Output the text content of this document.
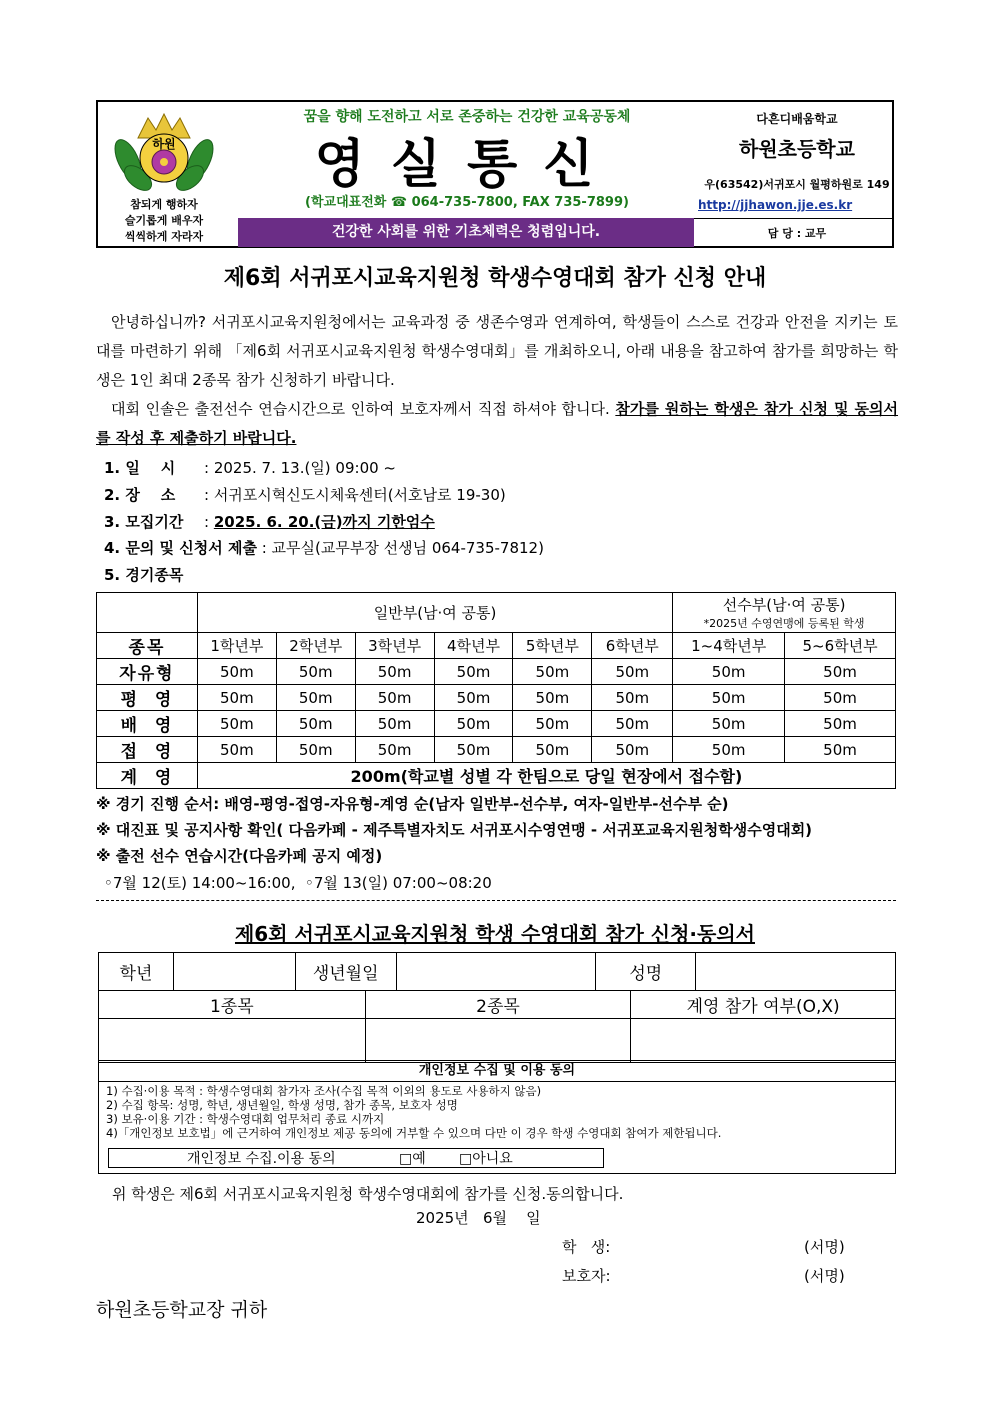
하원
참되게 행하자
슬기롭게 배우자
씩씩하게 자라자
꿈을 향해 도전하고 서로 존중하는 건강한 교육공동체
영실통신
(학교대표전화 ☎ 064-735-7800, FAX 735-7899)
건강한 사회를 위한 기초체력은 청렴입니다.
다흔디배움학교
하원초등학교
우(63542)서귀포시 월평하원로 149
http://jjhawon.jje.es.kr
담 당 : 교무
제6회 서귀포시교육지원청 학생수영대회 참가 신청 안내
안녕하십니까? 서귀포시교육지원청에서는 교육과정 중 생존수영과 연계하여, 학생들이 스스로 건강과 안전을 지키는 토대를 마련하기 위해 「제6회 서귀포시교육지원청 학생수영대회」를 개최하오니, 아래 내용을 참고하여 참가를 희망하는 학생은 1인 최대 2종목 참가 신청하기 바랍니다.
대회 인솔은 출전선수 연습시간으로 인하여 보호자께서 직접 하셔야 합니다. 참가를 원하는 학생은 참가 신청 및 동의서를 작성 후 제출하기 바랍니다.
1. 일    시 : 2025. 7. 13.(일) 09:00 ~
2. 장    소 : 서귀포시혁신도시체육센터(서호남로 19-30)
3. 모집기간 : 2025. 6. 20.(금)까지 기한엄수
4. 문의 및 신청서 제출 : 교무실(교무부장 선생님 064-735-7812)
5. 경기종목
	일반부(남·여 공통)						선수부(남·여 공통)
*2025년 수영연맹에 등록된 학생	

종목	1학년부	2학년부	3학년부	4학년부	5학년부	6학년부	1~4학년부	5~6학년부
자유형	50m	50m	50m	50m	50m	50m	50m	50m
평  영	50m	50m	50m	50m	50m	50m	50m	50m
배  영	50m	50m	50m	50m	50m	50m	50m	50m
접  영	50m	50m	50m	50m	50m	50m	50m	50m
계  영	200m(학교별 성별 각 한팀으로 당일 현장에서 접수함)							
※ 경기 진행 순서: 배영-평영-접영-자유형-계영 순(남자 일반부-선수부, 여자-일반부-선수부 순)
※ 대진표 및 공지사항 확인( 다음카페 - 제주특별자치도 서귀포시수영연맹 - 서귀포교육지원청학생수영대회)
※ 출전 선수 연습시간(다음카페 공지 예정)
◦7월 12(토) 14:00~16:00,  ◦7월 13(일) 07:00~08:20
제6회 서귀포시교육지원청 학생 수영대회 참가 신청·동의서
학년		생년월일		성명	
1종목	2종목	계영 참가 여부(O,X)

개인정보 수집 및 이용 동의
1) 수집·이용 목적 : 학생수영대회 참가자 조사(수집 목적 이외의 용도로 사용하지 않음)
2) 수집 항목: 성명, 학년, 생년월일, 학생 성명, 참가 종목, 보호자 성명
3) 보유·이용 기간 : 학생수영대회 업무처리 종료 시까지
4)「개인정보 보호법」에 근거하여 개인정보 제공 동의에 거부할 수 있으며 다만 이 경우 학생 수영대회 참여가 제한됩니다.
개인정보 수집.이용 동의	□예 □아니요
위 학생은 제6회 서귀포시교육지원청 학생수영대회에 참가를 신청.동의합니다.
2025년   6월    일
학   생:	(서명)
보호자:	(서명)
하원초등학교장 귀하
